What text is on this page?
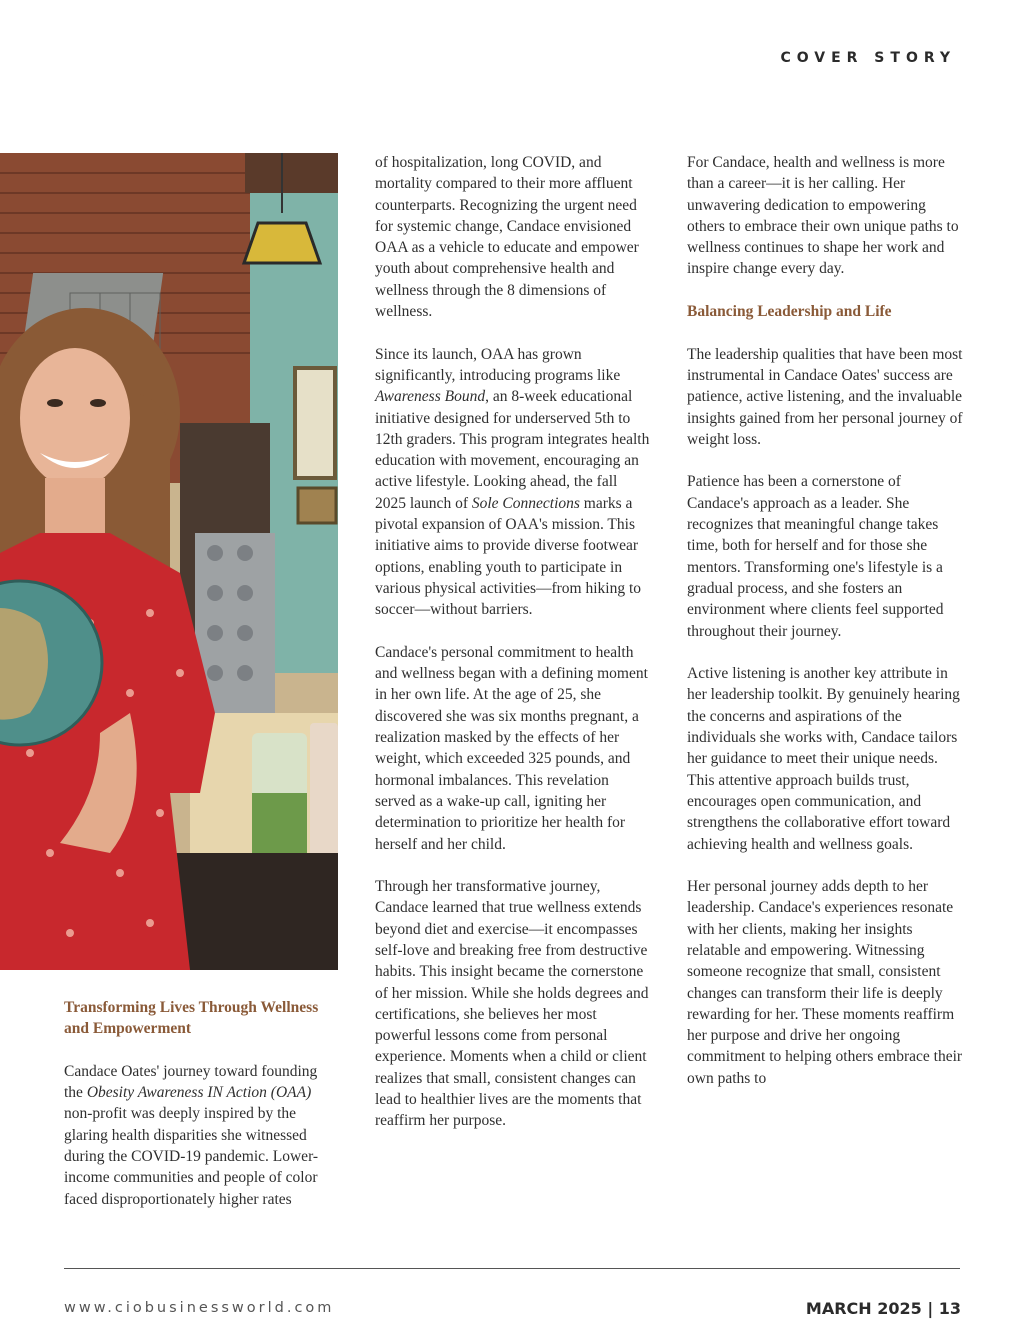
COVER STORY

Transforming Lives Through Wellness and Empowerment

Candace Oates' journey toward founding the Obesity Awareness IN Action (OAA) non-profit was deeply inspired by the glaring health disparities she witnessed during the COVID-19 pandemic. Lower-income communities and people of color faced disproportionately higher rates

of hospitalization, long COVID, and mortality compared to their more affluent counterparts. Recognizing the urgent need for systemic change, Candace envisioned OAA as a vehicle to educate and empower youth about comprehensive health and wellness through the 8 dimensions of wellness.

Since its launch, OAA has grown significantly, introducing programs like Awareness Bound, an 8-week educational initiative designed for underserved 5th to 12th graders. This program integrates health education with movement, encouraging an active lifestyle. Looking ahead, the fall 2025 launch of Sole Connections marks a pivotal expansion of OAA's mission. This initiative aims to provide diverse footwear options, enabling youth to participate in various physical activities—from hiking to soccer—without barriers.

Candace's personal commitment to health and wellness began with a defining moment in her own life. At the age of 25, she discovered she was six months pregnant, a realization masked by the effects of her weight, which exceeded 325 pounds, and hormonal imbalances. This revelation served as a wake-up call, igniting her determination to prioritize her health for herself and her child.

Through her transformative journey, Candace learned that true wellness extends beyond diet and exercise—it encompasses self-love and breaking free from destructive habits. This insight became the cornerstone of her mission. While she holds degrees and certifications, she believes her most powerful lessons come from personal experience. Moments when a child or client realizes that small, consistent changes can lead to healthier lives are the moments that reaffirm her purpose.

For Candace, health and wellness is more than a career—it is her calling. Her unwavering dedication to empowering others to embrace their own unique paths to wellness continues to shape her work and inspire change every day.

Balancing Leadership and Life

The leadership qualities that have been most instrumental in Candace Oates' success are patience, active listening, and the invaluable insights gained from her personal journey of weight loss.

Patience has been a cornerstone of Candace's approach as a leader. She recognizes that meaningful change takes time, both for herself and for those she mentors. Transforming one's lifestyle is a gradual process, and she fosters an environment where clients feel supported throughout their journey.

Active listening is another key attribute in her leadership toolkit. By genuinely hearing the concerns and aspirations of the individuals she works with, Candace tailors her guidance to meet their unique needs. This attentive approach builds trust, encourages open communication, and strengthens the collaborative effort toward achieving health and wellness goals.

Her personal journey adds depth to her leadership. Candace's experiences resonate with her clients, making her insights relatable and empowering. Witnessing someone recognize that small, consistent changes can transform their life is deeply rewarding for her. These moments reaffirm her purpose and drive her ongoing commitment to helping others embrace their own paths to

www.ciobusinessworld.com	MARCH 2025 | 13
